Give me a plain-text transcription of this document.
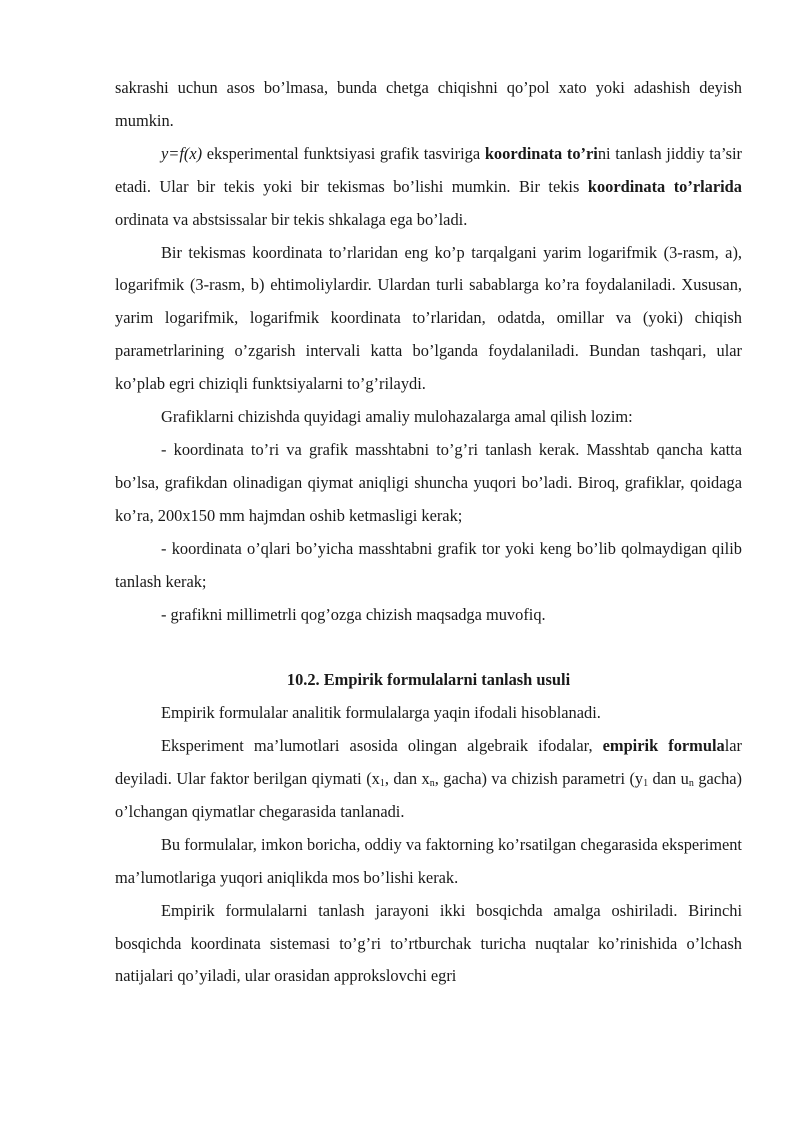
sakrashi uchun asos bo’lmasa, bunda chetga chiqishni qo’pol xato yoki adashish deyish mumkin.

y=f(x) eksperimental funktsiyasi grafik tasviriga koordinata to’rini tanlash jiddiy ta’sir etadi. Ular bir tekis yoki bir tekismas bo’lishi mumkin. Bir tekis koordinata to’rlarida ordinata va abstsissalar bir tekis shkalaga ega bo’ladi.

Bir tekismas koordinata to’rlaridan eng ko’p tarqalgani yarim logarifmik (3-rasm, a), logarifmik (3-rasm, b) ehtimoliylardir. Ulardan turli sabablarga ko’ra foydalaniladi. Xususan, yarim logarifmik, logarifmik koordinata to’rlaridan, odatda, omillar va (yoki) chiqish parametrlarining o’zgarish intervali katta bo’lganda foydalaniladi. Bundan tashqari, ular ko’plab egri chiziqli funktsiyalarni to’g’rilaydi.

Grafiklarni chizishda quyidagi amaliy mulohazalarga amal qilish lozim:

- koordinata to’ri va grafik masshtabni to’g’ri tanlash kerak. Masshtab qancha katta bo’lsa, grafikdan olinadigan qiymat aniqligi shuncha yuqori bo’ladi. Biroq, grafiklar, qoidaga ko’ra, 200x150 mm hajmdan oshib ketmasligi kerak;

- koordinata o’qlari bo’yicha masshtabni grafik tor yoki keng bo’lib qolmaydigan qilib tanlash kerak;

- grafikni millimetrli qog’ozga chizish maqsadga muvofiq.

10.2. Empirik formulalarni tanlash usuli

Empirik formulalar analitik formulalarga yaqin ifodali hisoblanadi.

Eksperiment ma’lumotlari asosida olingan algebraik ifodalar, empirik formulalar deyiladi. Ular faktor berilgan qiymati ($x_1$, dan $x_n$, gacha) va chizish parametri ($y_1$ dan $u_n$ gacha) o’lchangan qiymatlar chegarasida tanlanadi.

Bu formulalar, imkon boricha, oddiy va faktorning ko’rsatilgan chegarasida eksperiment ma’lumotlariga yuqori aniqlikda mos bo’lishi kerak.

Empirik formulalarni tanlash jarayoni ikki bosqichda amalga oshiriladi. Birinchi bosqichda koordinata sistemasi to’g’ri to’rtburchak turicha nuqtalar ko’rinishida o’lchash natijalari qo’yiladi, ular orasidan approkslovchi egri
